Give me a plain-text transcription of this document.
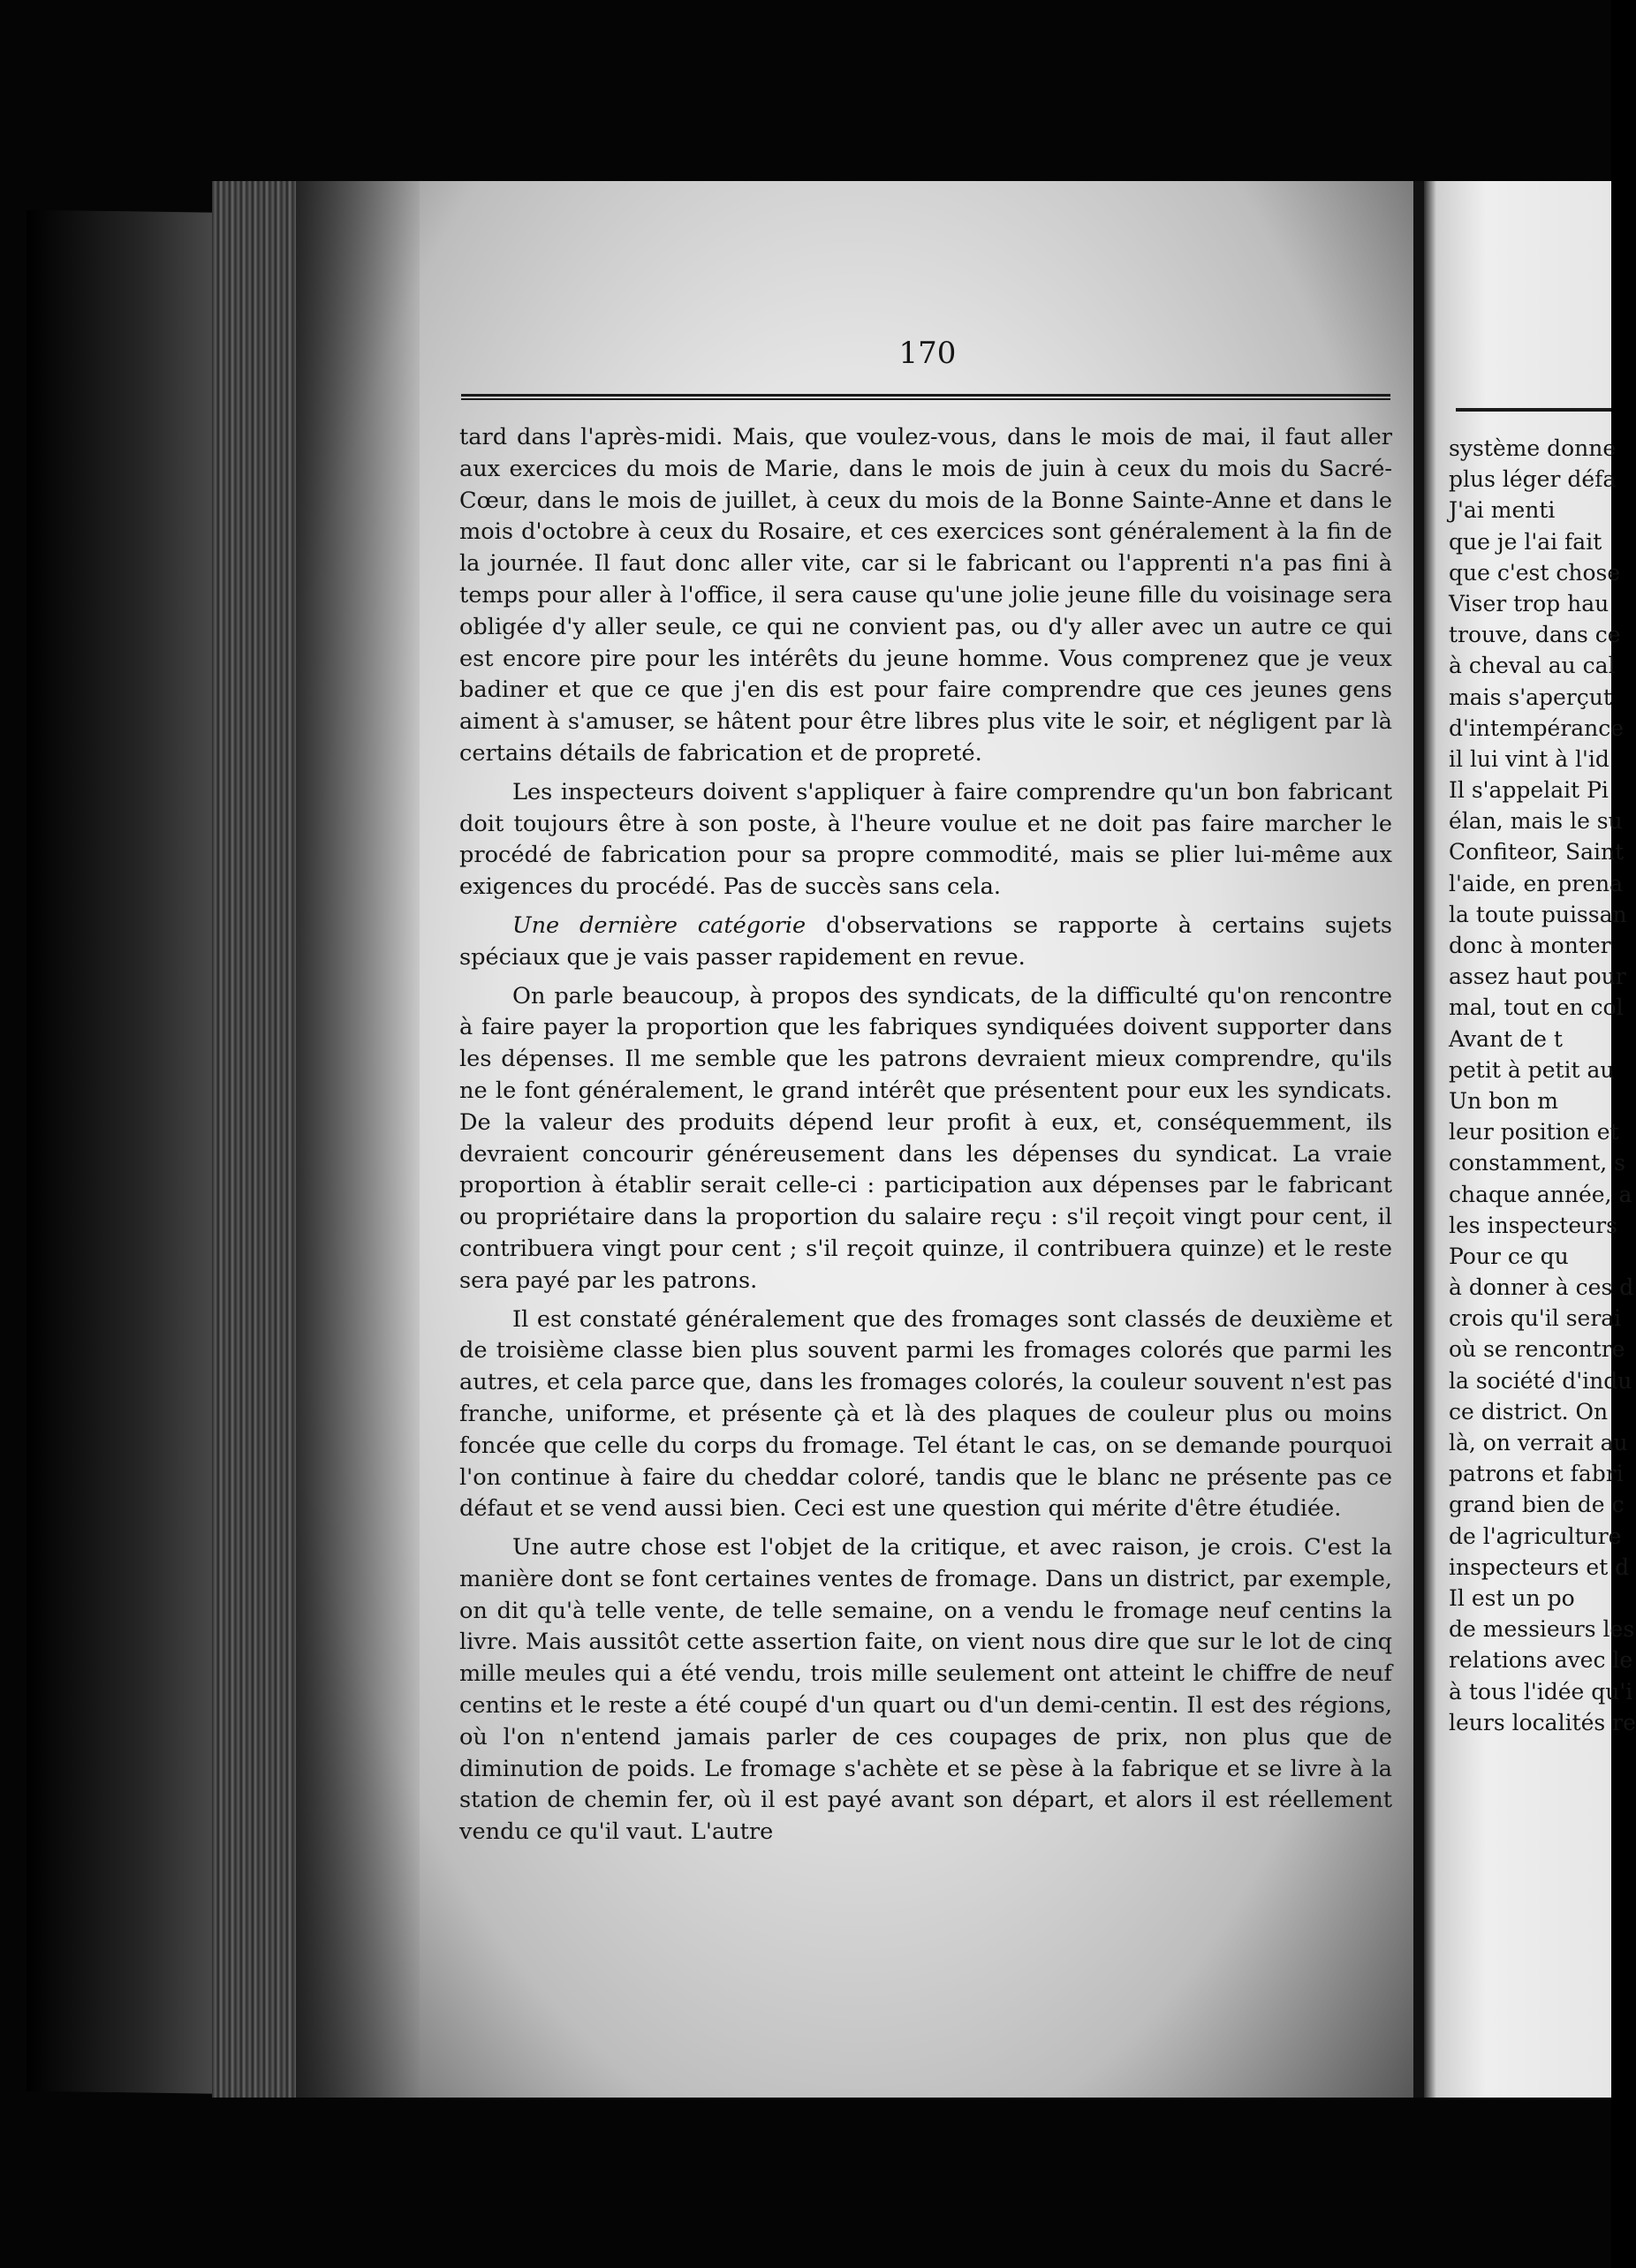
170

tard dans l'après-midi. Mais, que voulez-vous, dans le mois de mai, il faut aller aux exercices du mois de Marie, dans le mois de juin à ceux du mois du Sacré-Cœur, dans le mois de juillet, à ceux du mois de la Bonne Sainte-Anne et dans le mois d'octobre à ceux du Rosaire, et ces exercices sont généralement à la fin de la journée. Il faut donc aller vite, car si le fabricant ou l'apprenti n'a pas fini à temps pour aller à l'office, il sera cause qu'une jolie jeune fille du voisinage sera obligée d'y aller seule, ce qui ne convient pas, ou d'y aller avec un autre ce qui est encore pire pour les intérêts du jeune homme. Vous comprenez que je veux badiner et que ce que j'en dis est pour faire comprendre que ces jeunes gens aiment à s'amuser, se hâtent pour être libres plus vite le soir, et négligent par là certains détails de fabrication et de propreté.

Les inspecteurs doivent s'appliquer à faire comprendre qu'un bon fabricant doit toujours être à son poste, à l'heure voulue et ne doit pas faire marcher le procédé de fabrication pour sa propre commodité, mais se plier lui-même aux exigences du procédé. Pas de succès sans cela.

Une dernière catégorie d'observations se rapporte à certains sujets spéciaux que je vais passer rapidement en revue.

On parle beaucoup, à propos des syndicats, de la difficulté qu'on rencontre à faire payer la proportion que les fabriques syndiquées doivent supporter dans les dépenses. Il me semble que les patrons devraient mieux comprendre, qu'ils ne le font généralement, le grand intérêt que présentent pour eux les syndicats. De la valeur des produits dépend leur profit à eux, et, conséquemment, ils devraient concourir généreusement dans les dépenses du syndicat. La vraie proportion à établir serait celle-ci : participation aux dépenses par le fabricant ou propriétaire dans la proportion du salaire reçu : s'il reçoit vingt pour cent, il contribuera vingt pour cent ; s'il reçoit quinze, il contribuera quinze) et le reste sera payé par les patrons.

Il est constaté généralement que des fromages sont classés de deuxième et de troisième classe bien plus souvent parmi les fromages colorés que parmi les autres, et cela parce que, dans les fromages colorés, la couleur souvent n'est pas franche, uniforme, et présente çà et là des plaques de couleur plus ou moins foncée que celle du corps du fromage. Tel étant le cas, on se demande pourquoi l'on continue à faire du cheddar coloré, tandis que le blanc ne présente pas ce défaut et se vend aussi bien. Ceci est une question qui mérite d'être étudiée.

Une autre chose est l'objet de la critique, et avec raison, je crois. C'est la manière dont se font certaines ventes de fromage. Dans un district, par exemple, on dit qu'à telle vente, de telle semaine, on a vendu le fromage neuf centins la livre. Mais aussitôt cette assertion faite, on vient nous dire que sur le lot de cinq mille meules qui a été vendu, trois mille seulement ont atteint le chiffre de neuf centins et le reste a été coupé d'un quart ou d'un demi-centin. Il est des régions, où l'on n'entend jamais parler de ces coupages de prix, non plus que de diminution de poids. Le fromage s'achète et se pèse à la fabrique et se livre à la station de chemin fer, où il est payé avant son départ, et alors il est réellement vendu ce qu'il vaut. L'autre

système donne
plus léger défa
J'ai menti
que je l'ai fait
que c'est chose
Viser trop hau
trouve, dans ce
à cheval au cal
mais s'aperçut
d'intempérance
il lui vint à l'id
Il s'appelait Pi
élan, mais le su
Confiteor, Saint
l'aide, en prena
la toute puissan
donc à monter
assez haut pour
mal, tout en col
Avant de t
petit à petit au
Un bon m
leur position et
constamment, s
chaque année, a
les inspecteurs
Pour ce qu
à donner à ces d
crois qu'il serai
où se rencontre
la société d'indu
ce district. On
là, on verrait au
patrons et fabri
grand bien de c
de l'agriculture
inspecteurs et d
Il est un po
de messieurs les
relations avec le
à tous l'idée qu'i
leurs localités re
